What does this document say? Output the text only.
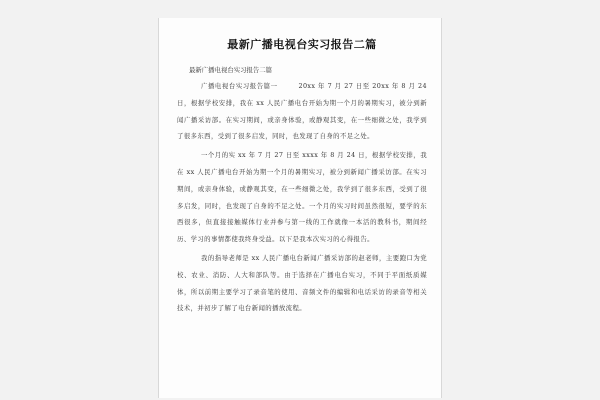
最新广播电视台实习报告二篇
最新广播电视台实习报告二篇

广播电视台实习报告篇一　　　20xx 年 7 月 27 日至 20xx 年 8 月 24 日，根据学校安排，我在 xx 人民广播电台开始为期一个月的暑期实习，被分到新闻广播采访部。在实习期间，或亲身体验，或静观其变，在一些细微之处，我学到了很多东西，受到了很多启发，同时，也发现了自身的不足之处。

一个月的实 xx 年 7 月 27 日至 xxxx 年 8 月 24 日，根据学校安排，我在 xx 人民广播电台开始为期一个月的暑期实习，被分到新闻广播采访部。在实习期间，或亲身体验，或静观其变，在一些细微之处，我学到了很多东西，受到了很多启发，同时，也发现了自身的不足之处。一个月的实习时间虽然很短，要学的东西很多，但直接接触媒体行业并参与第一线的工作就像一本活的教科书，期间经历、学习的事情都使我终身受益。以下是我本次实习的心得报告。

我的指导老师是 xx 人民广播电台新闻广播采访部的赵老师，主要跑口为党校、农业、消防、人大和部队等。由于选择在广播电台实习，不同于平面纸质媒体，所以前期主要学习了录音笔的使用、音频文件的编辑和电话采访的录音等相关技术，并初步了解了电台新闻的播放流程。
